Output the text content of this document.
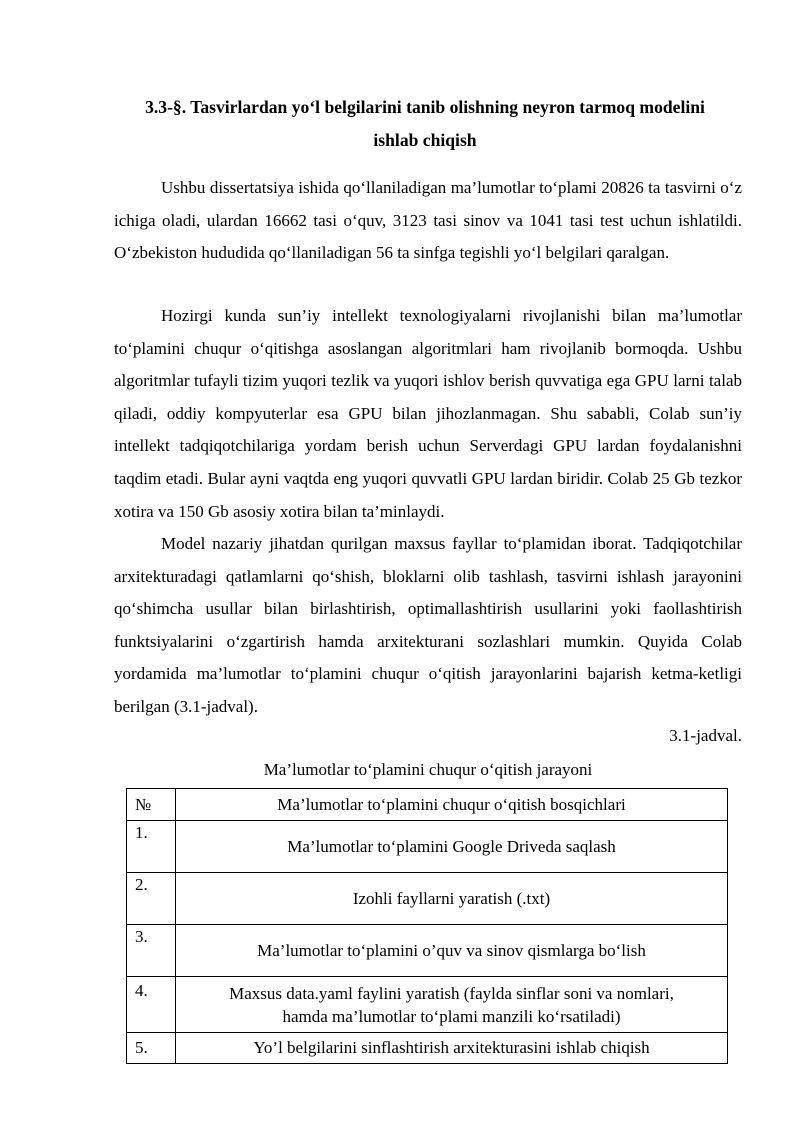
3.3-§. Tasvirlardan yo‘l belgilarini tanib olishning neyron tarmoq modelini
ishlab chiqish

Ushbu dissertatsiya ishida qo‘llaniladigan ma’lumotlar to‘plami 20826 ta tasvirni o‘z ichiga oladi, ulardan 16662 tasi o‘quv, 3123 tasi sinov va 1041 tasi test uchun ishlatildi. O‘zbekiston hududida qo‘llaniladigan 56 ta sinfga tegishli yo‘l belgilari qaralgan.

Hozirgi kunda sun’iy intellekt texnologiyalarni rivojlanishi bilan ma’lumotlar to‘plamini chuqur o‘qitishga asoslangan algoritmlari ham rivojlanib bormoqda. Ushbu algoritmlar tufayli tizim yuqori tezlik va yuqori ishlov berish quvvatiga ega GPU larni talab qiladi, oddiy kompyuterlar esa GPU bilan jihozlanmagan. Shu sababli, Colab sun’iy intellekt tadqiqotchilariga yordam berish uchun Serverdagi GPU lardan foydalanishni taqdim etadi. Bular ayni vaqtda eng yuqori quvvatli GPU lardan biridir. Colab 25 Gb tezkor xotira va 150 Gb asosiy xotira bilan ta’minlaydi.

Model nazariy jihatdan qurilgan maxsus fayllar to‘plamidan iborat. Tadqiqotchilar arxitekturadagi qatlamlarni qo‘shish, bloklarni olib tashlash, tasvirni ishlash jarayonini qo‘shimcha usullar bilan birlashtirish, optimallashtirish usullarini yoki faollashtirish funktsiyalarini o‘zgartirish hamda arxitekturani sozlashlari mumkin. Quyida Colab yordamida ma’lumotlar to‘plamini chuqur o‘qitish jarayonlarini bajarish ketma-ketligi berilgan (3.1-jadval).

3.1-jadval.
Ma’lumotlar to‘plamini chuqur o‘qitish jarayoni
№	Ma’lumotlar to‘plamini chuqur o‘qitish bosqichlari
1.	Ma’lumotlar to‘plamini Google Driveda saqlash
2.	Izohli fayllarni yaratish (.txt)
3.	Ma’lumotlar to‘plamini o’quv va sinov qismlarga bo‘lish
4.	Maxsus data.yaml faylini yaratish (faylda sinflar soni va nomlari,
hamda ma’lumotlar to‘plami manzili ko‘rsatiladi)

5.	Yo’l belgilarini sinflashtirish arxitekturasini ishlab chiqish
